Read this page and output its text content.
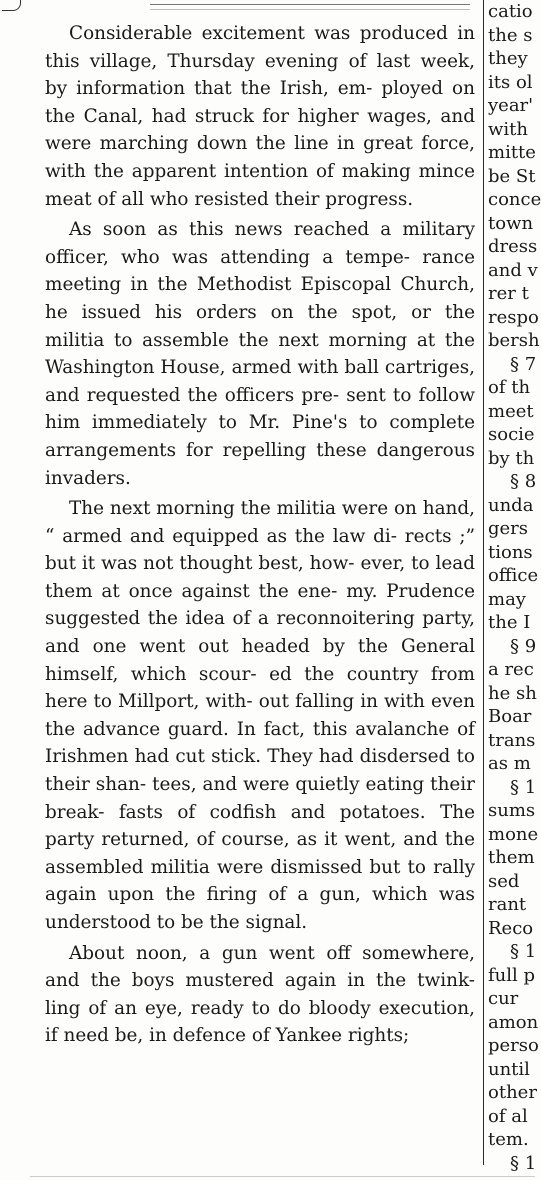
Considerable excitement was produced in this village, Thursday evening of last week, by information that the Irish, em- ployed on the Canal, had struck for higher wages, and were marching down the line in great force, with the apparent intention of making mince meat of all who resisted their progress.

As soon as this news reached a military officer, who was attending a tempe- rance meeting in the Methodist Episcopal Church, he issued his orders on the spot, or the militia to assemble the next morning at the Washington House, armed with ball cartriges, and requested the officers pre- sent to follow him immediately to Mr. Pine's to complete arrangements for repelling these dangerous invaders.

The next morning the militia were on hand, “ armed and equipped as the law di- rects ;” but it was not thought best, how- ever, to lead them at once against the ene- my. Prudence suggested the idea of a reconnoitering party, and one went out headed by the General himself, which scour- ed the country from here to Millport, with- out falling in with even the advance guard. In fact, this avalanche of Irishmen had cut stick. They had disdersed to their shan- tees, and were quietly eating their break- fasts of codfish and potatoes. The party returned, of course, as it went, and the assembled militia were dismissed but to rally again upon the firing of a gun, which was understood to be the signal.

About noon, a gun went off somewhere, and the boys mustered again in the twink- ling of an eye, ready to do bloody execution, if need be, in defence of Yankee rights;

catio
the s
they
its ol
year'
with
mitte
be St
conce
town
dress
and v
rer t
respo
bersh
§ 7
of th
meet
socie
by th
§ 8
unda
gers
tions
office
may
the I
§ 9
a rec
he sh
Boar
trans
as m
§ 1
sums
mone
them
sed
rant
Reco
§ 1
full p
cur
amon
perso
until
other
of al
tem.
§ 1
